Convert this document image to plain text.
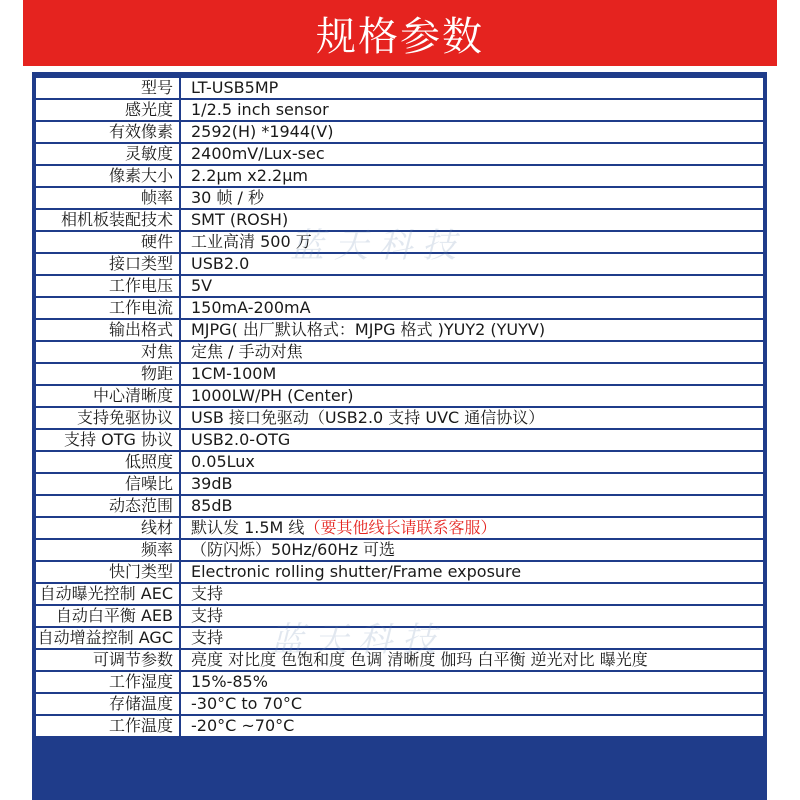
规格参数
型号	LT-USB5MP
感光度	1/2.5 inch sensor
有效像素	2592(H) *1944(V)
灵敏度	2400mV/Lux-sec
像素大小	2.2μm x2.2μm
帧率	30 帧 / 秒
相机板装配技术	SMT (ROSH)
硬件	工业高清 500 万
接口类型	USB2.0
工作电压	5V
工作电流	150mA-200mA
输出格式	MJPG( 出厂默认格式：MJPG 格式 )YUY2 (YUYV)
对焦	定焦 / 手动对焦
物距	1CM-100M
中心清晰度	1000LW/PH (Center)
支持免驱协议	USB 接口免驱动（USB2.0 支持 UVC 通信协议）
支持 OTG 协议	USB2.0-OTG
低照度	0.05Lux
信噪比	39dB
动态范围	85dB
线材	默认发 1.5M 线（要其他线长请联系客服）
频率	（防闪烁）50Hz/60Hz 可选
快门类型	Electronic rolling shutter/Frame exposure
自动曝光控制 AEC	支持
自动白平衡 AEB	支持
自动增益控制 AGC	支持
可调节参数	亮度 对比度 色饱和度 色调 清晰度 伽玛 白平衡 逆光对比 曝光度
工作湿度	15%-85%
存储温度	-30°C to 70°C
工作温度	-20°C ~70°C
蓝天科技
蓝天科技
